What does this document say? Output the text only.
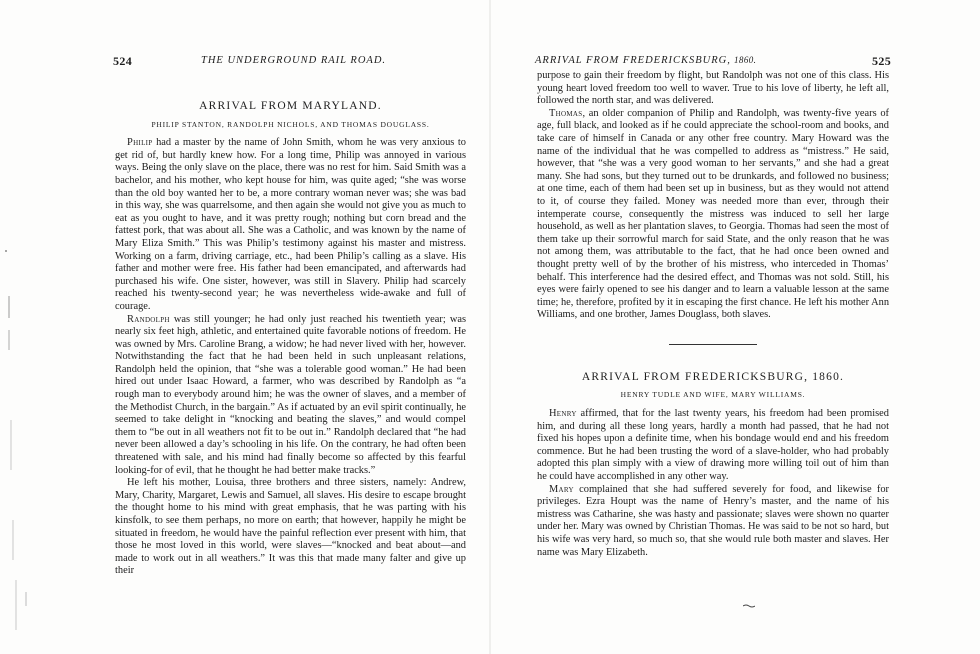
524	THE UNDERGROUND RAIL ROAD.
ARRIVAL FROM MARYLAND.
PHILIP STANTON, RANDOLPH NICHOLS, AND THOMAS DOUGLASS.

Philip had a master by the name of John Smith, whom he was very anxious to get rid of, but hardly knew how. For a long time, Philip was annoyed in various ways. Being the only slave on the place, there was no rest for him. Said Smith was a bachelor, and his mother, who kept house for him, was quite aged; “she was worse than the old boy wanted her to be, a more contrary woman never was; she was bad in this way, she was quarrelsome, and then again she would not give you as much to eat as you ought to have, and it was pretty rough; nothing but corn bread and the fattest pork, that was about all. She was a Catholic, and was known by the name of Mary Eliza Smith.” This was Philip’s testimony against his master and mistress. Working on a farm, driving carriage, etc., had been Philip’s calling as a slave. His father and mother were free. His father had been emancipated, and afterwards had purchased his wife. One sister, however, was still in Slavery. Philip had scarcely reached his twenty-second year; he was nevertheless wide-awake and full of courage.

Randolph was still younger; he had only just reached his twentieth year; was nearly six feet high, athletic, and entertained quite favorable notions of freedom. He was owned by Mrs. Caroline Brang, a widow; he had never lived with her, however. Notwithstanding the fact that he had been held in such unpleasant relations, Randolph held the opinion, that “she was a tolerable good woman.” He had been hired out under Isaac Howard, a farmer, who was described by Randolph as “a rough man to everybody around him; he was the owner of slaves, and a member of the Methodist Church, in the bargain.” As if actuated by an evil spirit continually, he seemed to take delight in “knocking and beating the slaves,” and would compel them to “be out in all weathers not fit to be out in.” Randolph declared that “he had never been allowed a day’s schooling in his life. On the contrary, he had often been threatened with sale, and his mind had finally become so affected by this fearful looking-for of evil, that he thought he had better make tracks.”

He left his mother, Louisa, three brothers and three sisters, namely: Andrew, Mary, Charity, Margaret, Lewis and Samuel, all slaves. His desire to escape brought the thought home to his mind with great emphasis, that he was parting with his kinsfolk, to see them perhaps, no more on earth; that however, happily he might be situated in freedom, he would have the painful reflection ever present with him, that those he most loved in this world, were slaves—“knocked and beat about—and made to work out in all weathers.” It was this that made many falter and give up their

ARRIVAL FROM FREDERICKSBURG, 1860.	525

purpose to gain their freedom by flight, but Randolph was not one of this class. His young heart loved freedom too well to waver. True to his love of liberty, he left all, followed the north star, and was delivered.

Thomas, an older companion of Philip and Randolph, was twenty-five years of age, full black, and looked as if he could appreciate the school-room and books, and take care of himself in Canada or any other free country. Mary Howard was the name of the individual that he was compelled to address as “mistress.” He said, however, that “she was a very good woman to her servants,” and she had a great many. She had sons, but they turned out to be drunkards, and followed no business; at one time, each of them had been set up in business, but as they would not attend to it, of course they failed. Money was needed more than ever, through their intemperate course, consequently the mistress was induced to sell her large household, as well as her plantation slaves, to Georgia. Thomas had seen the most of them take up their sorrowful march for said State, and the only reason that he was not among them, was attributable to the fact, that he had once been owned and thought pretty well of by the brother of his mistress, who interceded in Thomas’ behalf. This interference had the desired effect, and Thomas was not sold. Still, his eyes were fairly opened to see his danger and to learn a valuable lesson at the same time; he, therefore, profited by it in escaping the first chance. He left his mother Ann Williams, and one brother, James Douglass, both slaves.

ARRIVAL FROM FREDERICKSBURG, 1860.
HENRY TUDLE AND WIFE, MARY WILLIAMS.

Henry affirmed, that for the last twenty years, his freedom had been promised him, and during all these long years, hardly a month had passed, that he had not fixed his hopes upon a definite time, when his bondage would end and his freedom commence. But he had been trusting the word of a slave-holder, who had probably adopted this plan simply with a view of drawing more willing toil out of him than he could have accomplished in any other way.

Mary complained that she had suffered severely for food, and likewise for privileges. Ezra Houpt was the name of Henry’s master, and the name of his mistress was Catharine, she was hasty and passionate; slaves were shown no quarter under her. Mary was owned by Christian Thomas. He was said to be not so hard, but his wife was very hard, so much so, that she would rule both master and slaves. Her name was Mary Elizabeth.
